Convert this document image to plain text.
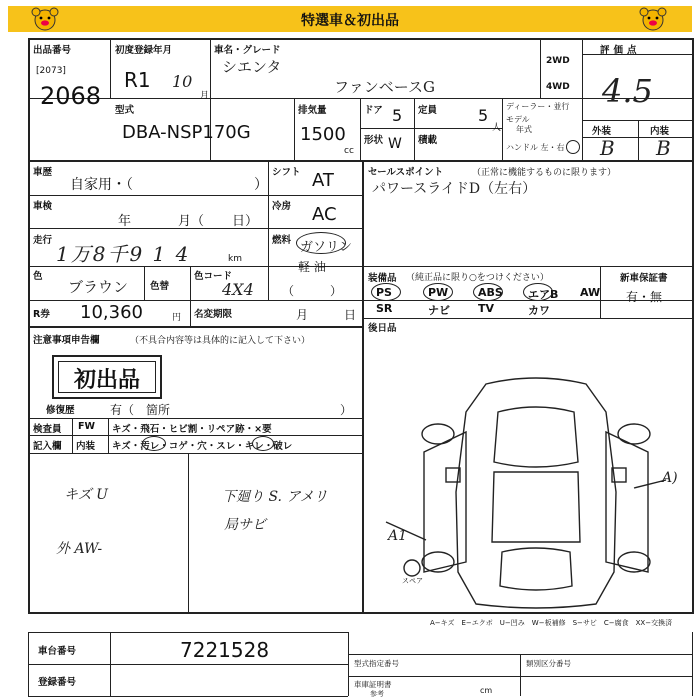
特選車＆初出品
出品番号
[2073]
2068
初度登録年月
R1 10
月
車名・グレード
シエンタ
ファンベースG
2WD
4WD
評価点
4.5
外装	内装
B B
型式
DBA-NSP170G
排気量
1500
cc
ドア 5 定員	5
人
形状 W 積載
ディーラー・並行
モデル
年式
ハンドル 左・右
車歴
自家用・（	）
シフト AT
車検
年	月（ 日）
冷房 AC
走行
1万8千9 1 4	km
燃料 ガソリン
軽 油
色
ブラウン 色替
色コード
4X4 （　　　）
R券 10,360	円 名変期限	月	日
セールスポイント	（正常に機能するものに限ります）
パワースライドD（左右）
装備品 （純正品に限り○をつけください）
PS	PW	ABS エアB AW
SR	ナビ	TV	カワ
新車保証書
有・無
後日品
注意事項申告欄	（不具合内容等は具体的に記入して下さい）
初出品
修復歴	有（　箇所	）
検査員
記入欄
FW キズ・飛石・ヒビ割・リペア跡・×要
内装 キズ・汚レ・コゲ・穴・スレ・キレ・破レ
キズ U
外 AW-
下廻り S. アメリ
局サビ
A1
A)
スペア
A−キズ　E−エクボ　U−凹み　W−板補修　S−サビ　C−腐食　XX−交換済
車台番号	7221528
登録番号
型式指定番号	類別区分番号
車庫証明書
参考	cm
